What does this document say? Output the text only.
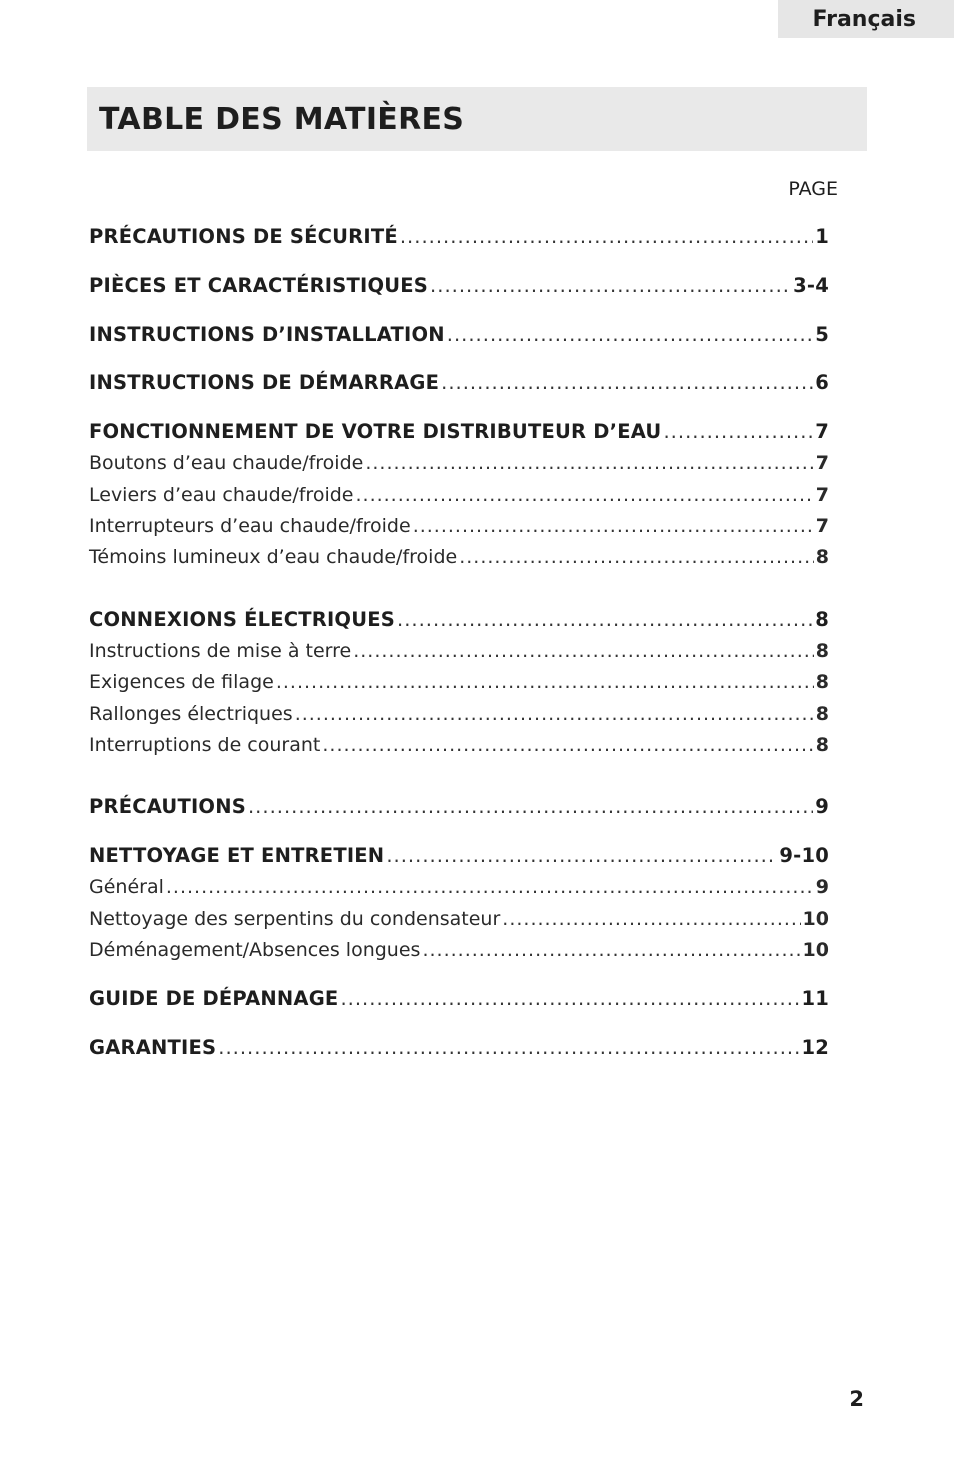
Français
TABLE DES MATIÈRES
PAGE
PRÉCAUTIONS DE SÉCURITÉ .....	1
PIÈCES ET CARACTÉRISTIQUES .....	3-4
INSTRUCTIONS D’INSTALLATION .....	5
INSTRUCTIONS DE DÉMARRAGE .....	6
FONCTIONNEMENT DE VOTRE DISTRIBUTEUR D’EAU .....	7
Boutons d’eau chaude/froide .....	7
Leviers d’eau chaude/froide .....	7
Interrupteurs d’eau chaude/froide .....	7
Témoins lumineux d’eau chaude/froide .....	8
CONNEXIONS ÉLECTRIQUES .....	8
Instructions de mise à terre .....	8
Exigences de filage .....	8
Rallonges électriques .....	8
Interruptions de courant .....	8
PRÉCAUTIONS .....	9
NETTOYAGE ET ENTRETIEN .....	9-10
Général .....	9
Nettoyage des serpentins du condensateur .....	10
Déménagement/Absences longues .....	10
GUIDE DE DÉPANNAGE .....	11
GARANTIES .....	12
2
